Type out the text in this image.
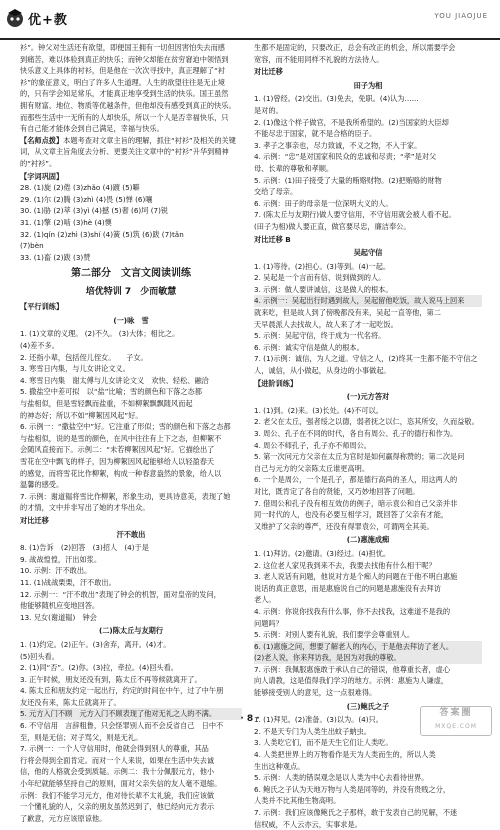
优+教	YOU JIAOJUE

衫”。钟父对生活还有欲望，即便国王拥有一切但因害怕失去而感

到痛苦，难以体验到真正的快乐；而钟父却能在贫穷窘迫中领悟到

快乐意义上具体的衬衫，但是他在一次次寻找中，真正理解了“衬

衫”的象征意义，明白了许多人生道理。人生的欲望往往是无止境

的，只有学会知足常乐，才能真正地享受到生活的快乐。国王虽然

拥有财富、地位、物质等优越条件，但他却没有感受到真正的快乐。

而那些生活中一无所有的人却快乐，所以一个人是否幸福快乐，只

有自己能才能体会到自己满足，幸福与快乐。

【名师点拨】本题考查对文章主旨的理解，抓住“衬衫”及相关的关键词，从文章主旨角度去分析、更要关注文章中的“衬衫”升华到精神的“衬衫”。

【字词巩固】

28. (1)旋 (2)倦 (3)zhǎo (4)踱 (5)噼

29. (1)尔 (2)腾 (3)zhì (4)畏 (5)惮 (6)嚷

30. (1)胁 (2)萃 (3)yì (4)撼 (5)奢 (6)坷 (7)锐

31. (1)擎 (2)啮 (3)hè (4)懊

32. (1)qín (2)zhì (3)shí (4)簧 (5)筑 (6)跋 (7)tǎn

(7)bèn

33. (1)畜 (2)跋 (3)赞

第二部分　文言文阅读训练
培优特训 7　少而敏慧
【平行训练】
(一)咏　雪

1. (1)文章的义理。 (2)不久。 (3)大体；相比之。

(4)差不多。

2. 还指小辈，包括侄儿侄女。　　子女。

3. 寒雪日内集，与儿女讲论文义。

4. 寒雪日内集　谢太傅与儿女讲论文义　欢快、轻松、融洽

5. 撒盐空中差可拟　以“盐”比喻；雪的颜色和下落之态都

与盐相似，但是雪轻飘而盐重，不如柳絮飘飘随风而起

的神态好；所以不如“柳絮因风起”好。

6. 示例一：“撒盐空中”好。它注重了形似；雪的颜色和下落之态都

与盐相似，说的是雪的颜色，在风中往往有上下之态，但柳絮不

会随风直接而下。示例二：“未若柳絮因风起”好。它描绘出了

雪花在空中飘飞的样子，因为柳絮因风起能够给人以轻盈春天

的感觉，而将雪花比作柳絮，构成一种春意盎然的景象，给人以

温馨的感受。

7. 示例：谢道韫将雪比作柳絮，形象生动，更具诗意美，表现了她

的才情，文中并非写出了她的才华出众。

对比迁移
汗不敢出

8. (1)告诉　(2)回答　(3)招人　(4)于是

9. 战战惶惶，汗出如浆。

10. 示例：汗不敢出。

11. (1)战战栗栗，汗不敢出。

12. 示例一：“汗不敢出”表现了钟会的机智，面对皇帝的发问，

他能够随机应变地回答。

13. 兄女(谢道韫)　钟会

(二)陈太丘与友期行

1. (1)约定。(2)正午。(3)舍弃，离开。(4)才。

(5)回头看。

2. (1)同“否”。(2)你。(3)拉，牵拉。(4)回头看。

3. 正午时候，朋友还没有到，陈太丘不再等候就离开了。

4. 陈太丘和朋友约定一起出行，约定的时间在中午，过了中午朋

友还没有来，陈太丘就离开了。

5. 元方入门不顾　元方入门不顾表现了他对无礼之人的不满。

6. 不守信用　言辞粗鲁，只会怪罪别人而不会反省自己　日中不

至，则是无信；对子骂父，则是无礼。

7. 示例一：一个人守信用时，他就会得到别人的尊重，其品

行将会得到全面肯定。而对一个人来说，如果在生活中失去诚

信，他的人格就会受到质疑。示例二：我十分佩服元方，他小

小年纪就能够坚持自己的原则，面对父亲失信的友人毫不退缩。

示例：我们不能学习元方，他对待长辈不太礼貌，我们应该做

一个懂礼貌的人，父亲的朋友虽然迟到了，他已经向元方表示

了歉意，元方应该原谅他。

生都不是固定的，只要改正，总会有改正的机会，所以需要学会

宽容，而不能用同样不礼貌的方法待人。

对比迁移
田子为相

1. (1)曾经。(2)交出。(3)免去，免职。(4)认为……

是对的。

2. (1)像这个样子做官，不是我所希望的。(2)当国家的大臣却

不能尽忠于国家，就不是合格的臣子。

3. 孝子之事亲也，尽力致诚，不义之物，不入于家。

4. 示例：“忠”是对国家和民众的忠诚和尽责；“孝”是对父

母、长辈的尊敬和孝顺。

5. 示例：(1)田子接受了大量的贿赂财物。(2)把贿赂的财物

交给了母亲。

6. 示例：田子的母亲是一位深明大义的人。

7. (陈太丘与友期行)做人要守信用，不守信用就会被人看不起。

(田子为相)做人要正直，做官要尽忠，廉洁奉公。

对比迁移 B
吴起守信

1. (1)等待。(2)担心。(3)等到。(4)一起。

2. 吴起是一个言而有信、说到做到的人。

3. 示例：做人要讲诚信，这是做人的根本。

4. 示例一：吴起出行时遇到故人，吴起留他吃饭，故人说马上回来

就来吃，但是故人到了傍晚都没有来，吴起一直等他，第二

天早晨派人去找故人，故人来了才一起吃饭。

5. 示例：吴起守信，终于成为一代名将。

6. 示例：诚实守信是做人的根本。

7. (1)示例：诚信，为人之道。守信之人，(2)终其一生都不能不守信之

人，诚信，从小做起，从身边的小事做起。

【进阶训练】
(一)元方答对

1. (1)到。(2)来。(3)长处。(4)不可以。

2. 老父在太丘，强者绥之以德，弱者抚之以仁，恣其所安，久而益敬。

3. 周公、孔子在不同的时代，各自有周公、孔子的德行和作为。

4. 周公不师孔子，孔子亦不师周公。

5. 第一次问元方父亲在太丘为官时是如何赢得称赞的；第二次是问

自己与元方的父亲陈太丘谁更高明。

6. 一个是周公，一个是孔子，都是德行高尚的圣人，用这两人的

对比，既肯定了各自的贤能，又巧妙地回答了问题。

7. 借周公和孔子没有相互效仿的例子，暗示袁公和自己父亲并非

同一时代的人，也没有必要互相学习，既回答了父亲有才能，

又维护了父亲的尊严，还没有得罪袁公，可谓两全其美。

(二)惠施成痴

1. (1)拜访。(2)邀请。(3)经过。(4)担忧。

2. 这位老人家见我到来不去，我要去找他有什么相干呢？

3. 老人说话有问题，他说对方是个痴人的问题在于他不明白惠施

说话的真正意思，而是惠施说自己的问题是惠施没有去拜访

老人。

4. 示例：你说你找我有什么事，你不去找我，这难道不是我的

问题吗？

5. 示例：对别人要有礼貌，我们要学会尊重别人。

6. (1)惠施之问，想要了解老人的内心，于是他去拜访了老人。

(2)老人说，你来拜访我，是因为对我的尊敬。

7. 示例：我佩服惠施敢于承认自己的错误，他尊重长者，虚心

向人请教，这是值得我们学习的地方。示例：惠施为人谦虚，

能够接受别人的意见，这一点很难得。

(三)鲍氏之子

1. (1)拜见。(2)准备。(3)以为。(4)只。

2. 不是天专门为人类生出蚊子蚋虫。

3. 人类吃它们，而不是天生它们让人类吃。

4. 人类把世界上的万物看作是天为人类而生的，所以人类

生出这种观点。

5. 示例：人类的错误观念是以人类为中心去看待世界。

6. 鲍氏之子认为天地万物与人类是同等的，并没有贵贱之分，

人类并不比其他生物高明。

7. 示例：我们应该像鲍氏之子那样，敢于发表自己的见解，不迷

信权威，不人云亦云，实事求是。

· 8 ·
答案圈
MXQE.COM
